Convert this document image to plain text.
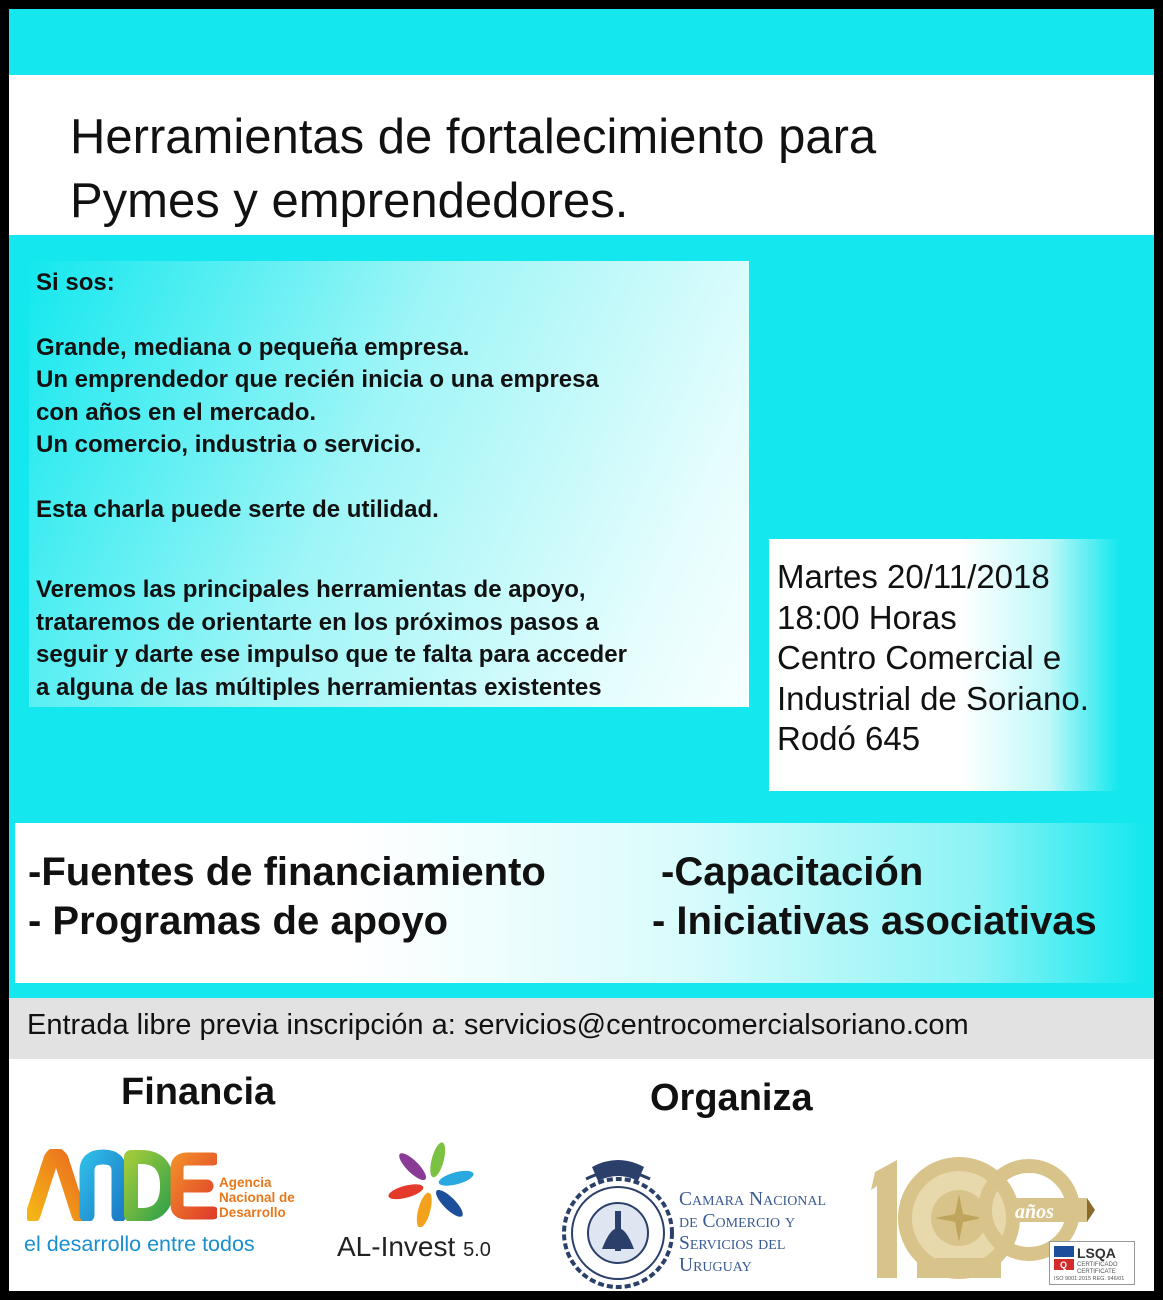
Herramientas de fortalecimiento para
Pymes y emprendedores.

Si sos:

Grande, mediana o pequeña empresa.

Un emprendedor que recién inicia o una empresa

con años en el mercado.

Un comercio, industria o servicio.

Esta charla puede serte de utilidad.

Veremos las principales herramientas de apoyo,

trataremos de orientarte en los próximos pasos a

seguir y darte ese impulso que te falta para acceder

a alguna de las múltiples herramientas existentes

Martes 20/11/2018
18:00 Horas
Centro Comercial e
Industrial de Soriano.
Rodó 645
-Fuentes de financiamiento
- Programas de apoyo
-Capacitación
- Iniciativas asociativas
Entrada libre previa inscripción a: servicios@centrocomercialsoriano.com
Financia	Organiza
Agencia
Nacional de
Desarrollo
el desarrollo entre todos	AL-Invest 5.0
Camara Nacional
de Comercio y
Servicios del
Uruguay
años
Q
LSQA
CERTIFICADO
CERTIFICATE
ISO 9001:2015 REG. 946/01
